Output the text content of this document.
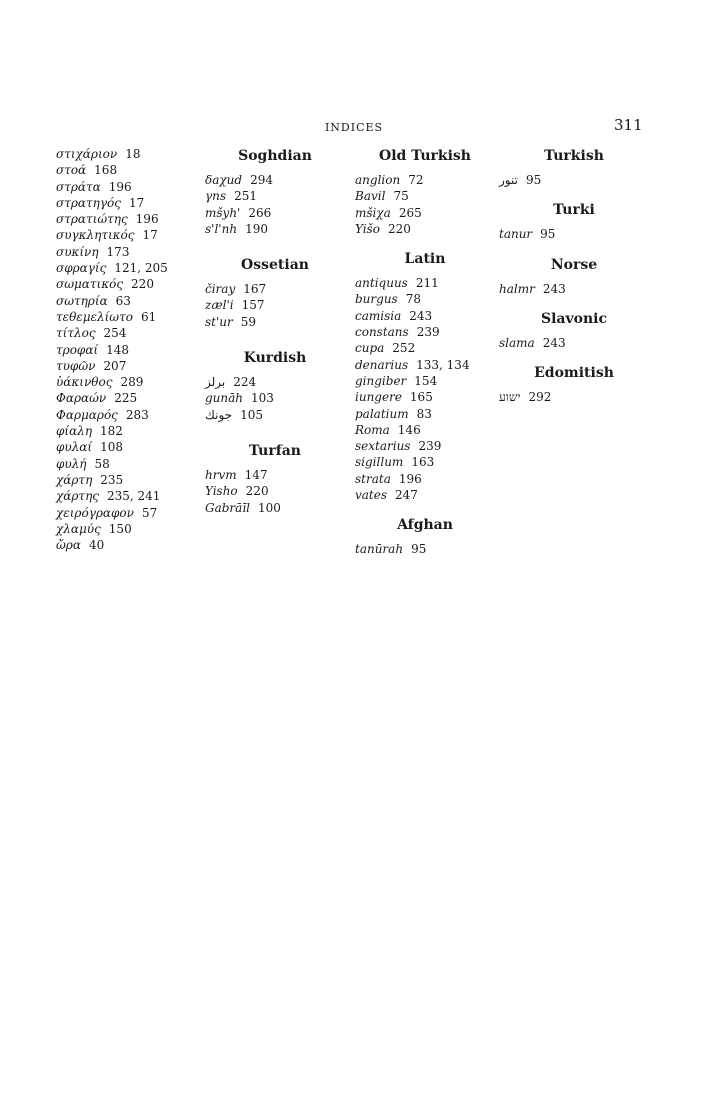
INDICES	311
στιχάριον 18
στοά 168
στράτα 196
στρατηγός 17
στρατιώτης 196
συγκλητικός 17
συκίνη 173
σφραγίς 121, 205
σωματικός 220
σωτηρία 63
τεθεμελίωτο 61
τίτλος 254
τροφαί 148
τυφῶν 207
ὑάκινθος 289
Φαραών 225
Φαρμαρός 283
φίαλη 182
φυλαί 108
φυλή 58
χάρτη 235
χάρτης 235, 241
χειρόγραφον 57
χλαμύς 150
ὤρα 40
Soghdian
ẟaχud 294
γns 251
mšyh' 266
s'l'nh 190
Ossetian
čiray 167
zæl'i 157
st'ur 59
Kurdish
برلز 224
gunāh 103
جونك 105
Turfan
hrvm 147
Yisho 220
Gabrāīl 100
Old Turkish
anglion 72
Bavil 75
mšiχa 265
Yišo 220
Latin
antiquus 211
burgus 78
camisia 243
constans 239
cupa 252
denarius 133, 134
gingiber 154
iungere 165
palatium 83
Roma 146
sextarius 239
sigillum 163
strata 196
vates 247
Afghan
tanūrah 95
Turkish
تنور 95
Turki
tanur 95
Norse
halmr 243
Slavonic
slama 243
Edomitish
ישוע 292
